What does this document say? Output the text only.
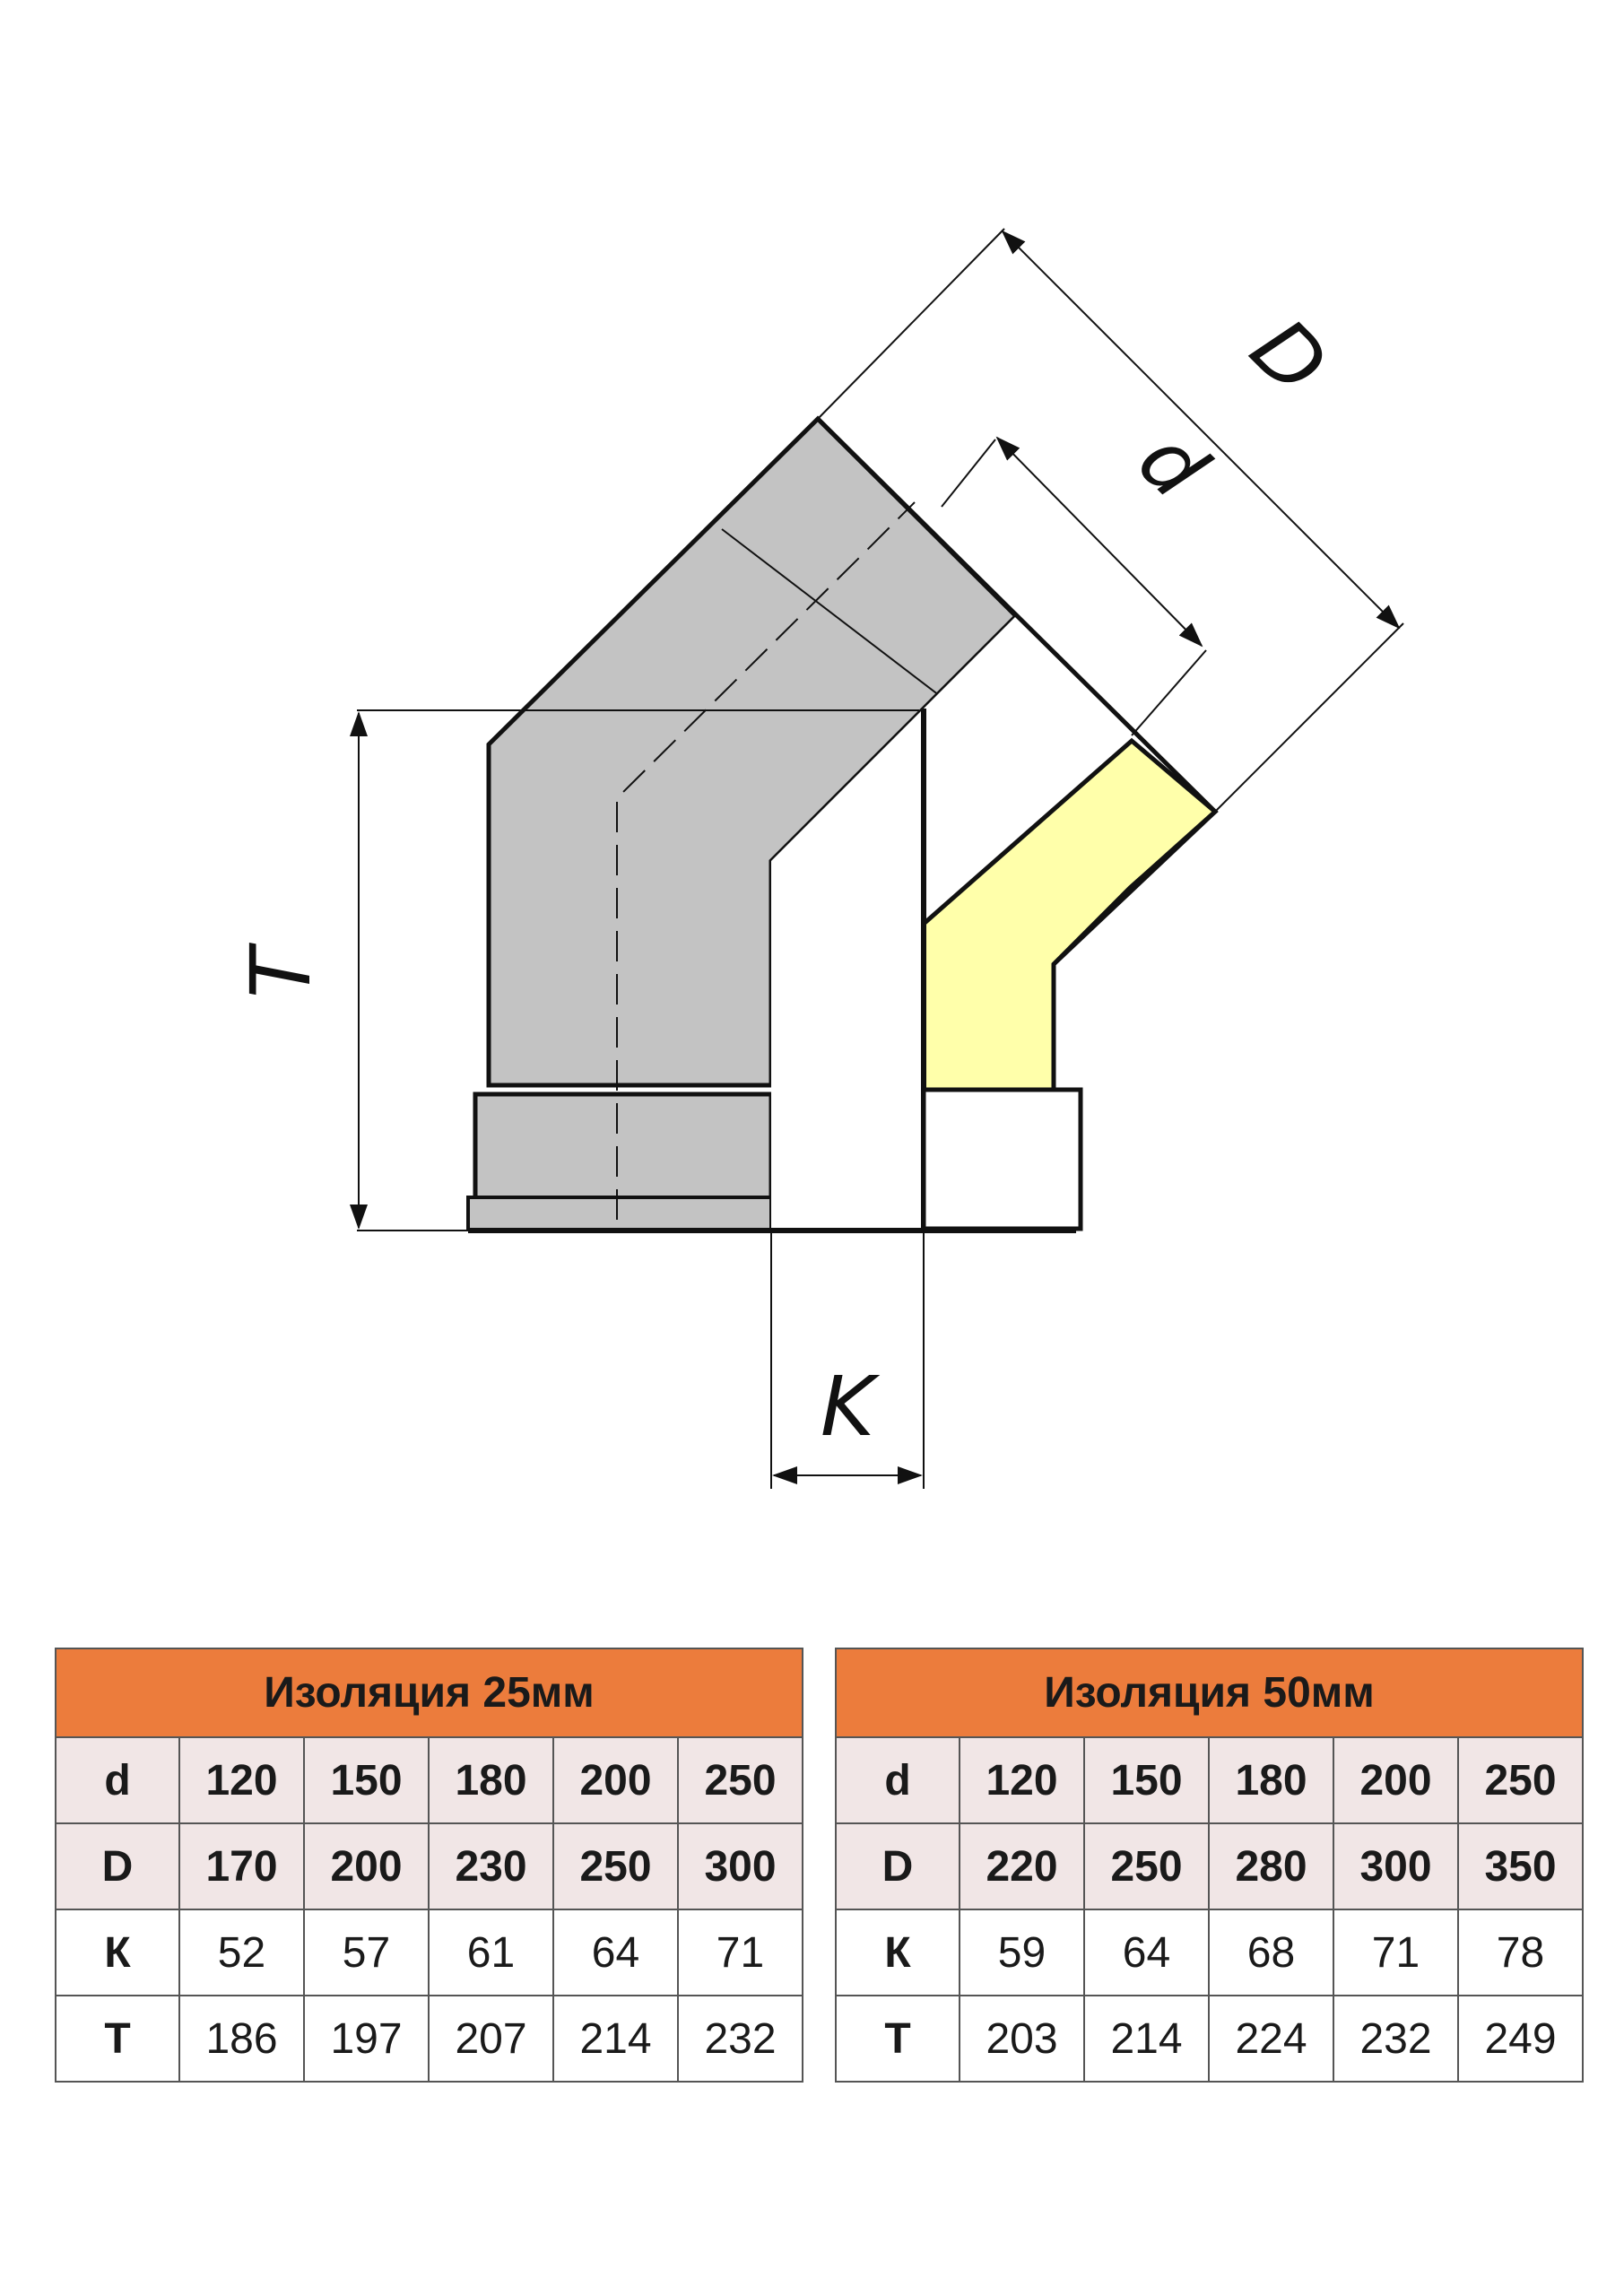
T
K
d
D
Изоляция 25мм					
d	120	150	180	200	250
D	170	200	230	250	300
К	52	57	61	64	71
T	186	197	207	214	232
Изоляция 50мм					
d	120	150	180	200	250
D	220	250	280	300	350
К	59	64	68	71	78
T	203	214	224	232	249
